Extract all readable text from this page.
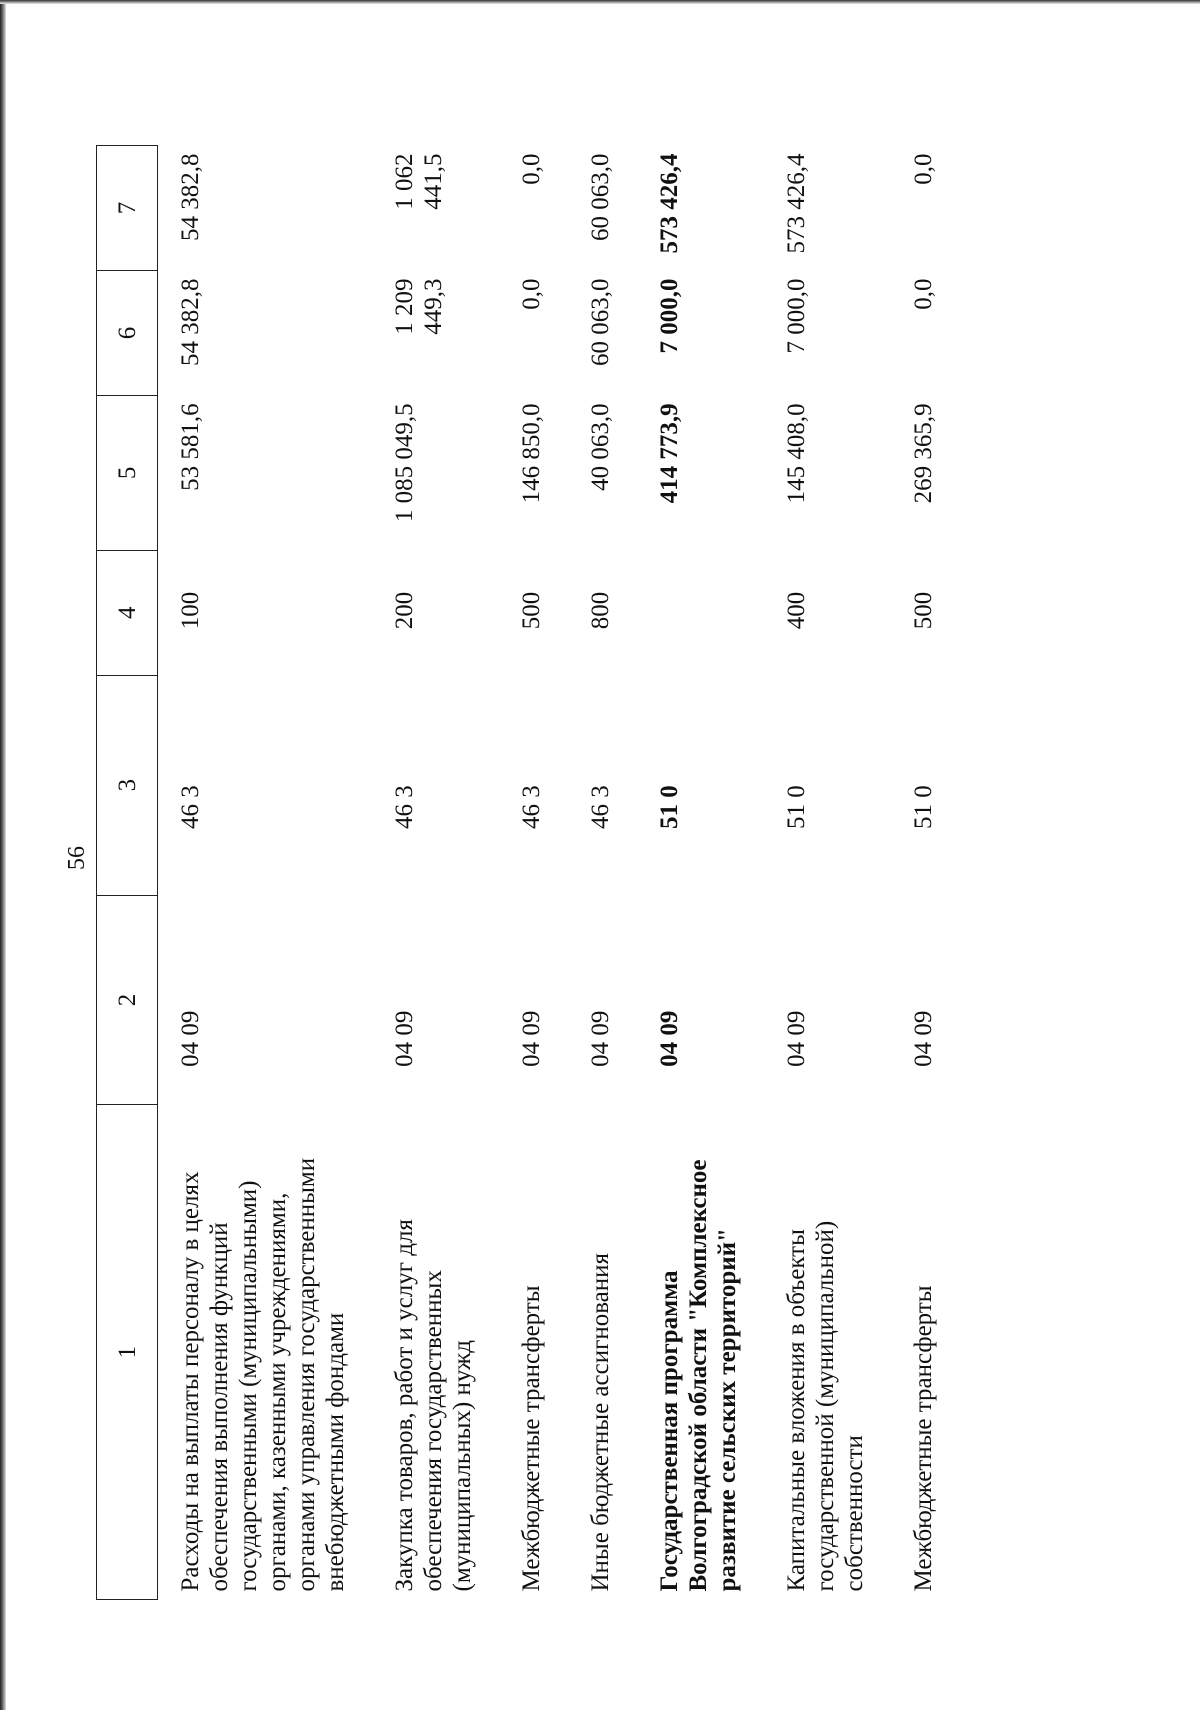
56
1	2	3	4	5	6	7
Расходы на выплаты персоналу в целях обеспечения выполнения функций государственными (муниципальными) органами, казенными учреждениями, органами управления государственными внебюджетными фондами	04 09	46 3	100	53 581,6	54 382,8	54 382,8
Закупка товаров, работ и услуг для обеспечения государственных (муниципальных) нужд	04 09	46 3	200	1 085 049,5	1 209 449,3	1 062 441,5
Межбюджетные трансферты	04 09	46 3	500	146 850,0	0,0	0,0
Иные бюджетные ассигнования	04 09	46 3	800	40 063,0	60 063,0	60 063,0
Государственная программа Волгоградской области "Комплексное развитие сельских территорий"	04 09	51 0		414 773,9	7 000,0	573 426,4
Капитальные вложения в объекты государственной (муниципальной) собственности	04 09	51 0	400	145 408,0	7 000,0	573 426,4
Межбюджетные трансферты	04 09	51 0	500	269 365,9	0,0	0,0
